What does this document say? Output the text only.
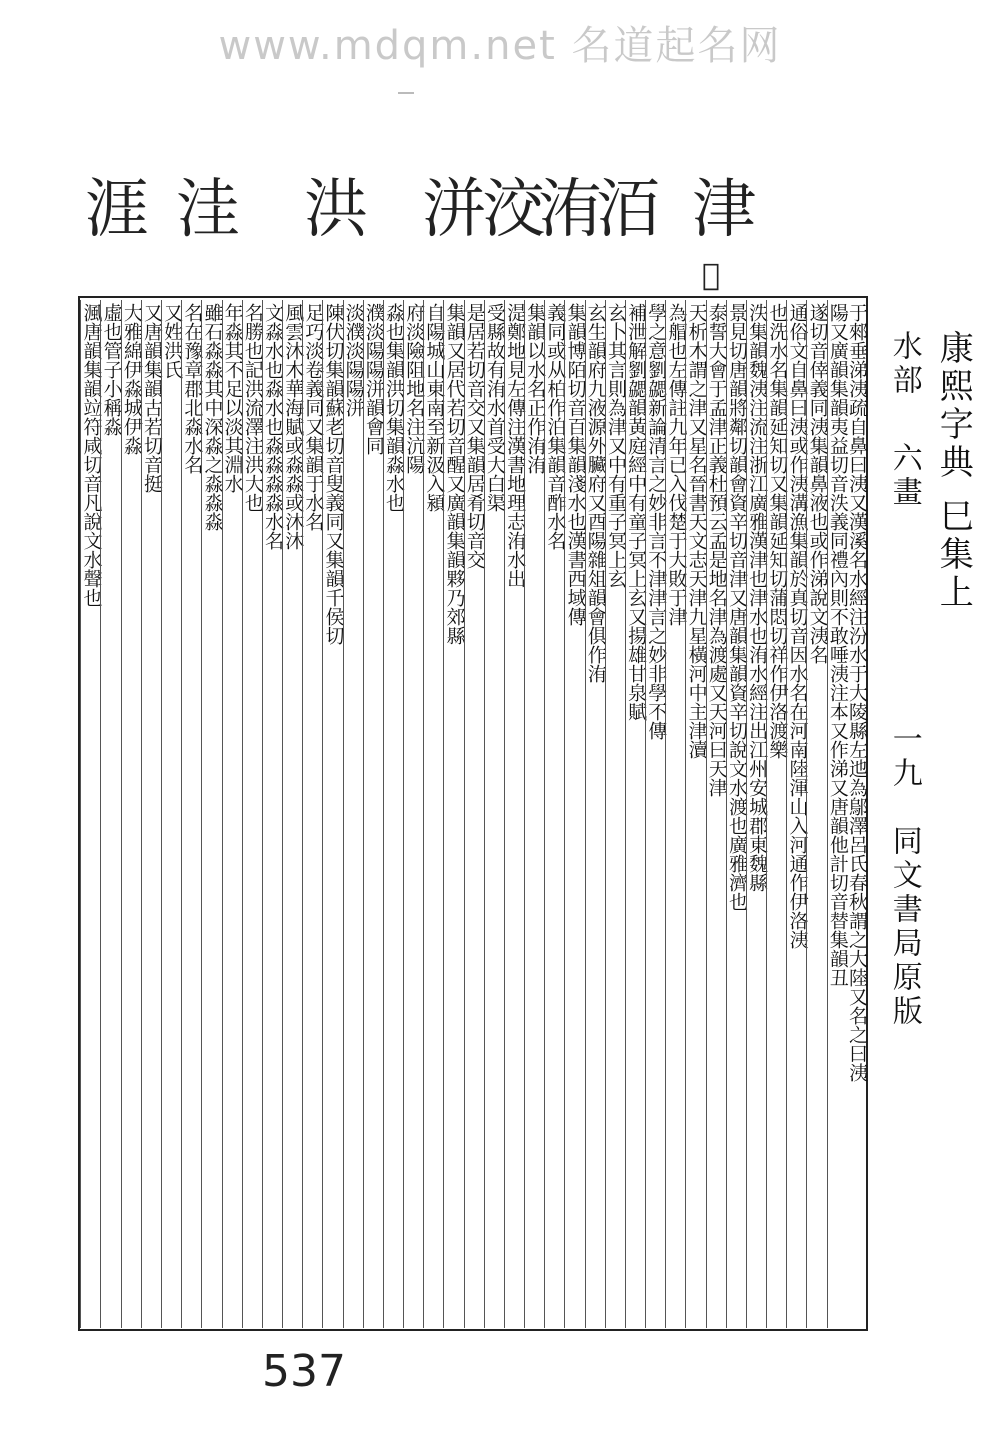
www.mdqm.net 名道起名网
涯 洼 洪 洴
洨
洧
洦 津
𣲣
于郲垂涕洟疏自鼻曰洟又漢溪名水經注汾水于大陵縣左迆為鄔澤呂氏春秋謂之大陸又名之曰洟
陽又廣韻集韻夷益切音泆義同禮內則不敢唾洟注本又作涕又唐韻他計切音替集韻丑
遂切音倖義同洟集韻鼻液也或作涕說文洟名
通俗文自鼻曰洟或作洟溝漁集韻於真切音因水名在河南陸渾山入河通作伊洛洟
也洗水名集韻延知切又集韻延知切蒲悶切祥作伊洛渡樂
泆集韻魏洟注流注浙江廣雅漢津也津水也洧水經注出江州安城郡東魏縣
景見切唐韻將鄰切韻會資辛切音津又唐韻集韻資辛切說文水渡也廣雅濟也
泰誓大會于孟津正義杜預云孟是地名津為渡處又天河曰天津
天析木謂之津又星名晉書天文志天津九星橫河中主津瀆
為艒也左傳註九年已入伐楚于大敗于津
學之意劉勰新論清言之妙非言不津津言之妙非學不傳
補泄解劉勰韻黃庭經中有童子冥上玄又揚雄甘泉賦
玄卜其言則為津又中有重子冥上玄
玄生韻府九液源外臟府又酉陽雜俎韻會俱作洧
集韻博陌切音百集韻淺水也漢書西域傳
義同或从柏作泊集韻音酢水名
集韻以水名正作洧洧
湜鄭地見左傳注漢書地理志洧水出
受縣故有洧水首受大白渠
是居若切音交又集韻居肴切音交
集韻又居代若切音醒又廣韻集韻夥乃郊縣
自陽城山東南至新汲入潁
府淡險阻地名注沆陽
淼也集韻洪切集韻淼水也
濮淡陽陽洴韻會同
淡濮淡陽陽洴
陳伏切集韻蘇老切音叟義同又集韻千侯切
足巧淡卷義同又集韻于水名
風雲沐木華海賦或淼淼或沐沐
文淼水也淼水也淼淼淼淼水名
名勝也記洪流澤注洪大也
年淼其不足以淡其淵水
雖石淼淼其中深淼之淼淼淼
名在豫章郡北淼水名
又姓洪氏
又唐韻集韻古若切音挺
大雅綿伊淼城伊淼
虛也管子小稱淼
渢唐韻集韻竝符咸切音凡說文水聲也	康熙字典巳集上
水部 六畫 一九 同文書局原版
537
